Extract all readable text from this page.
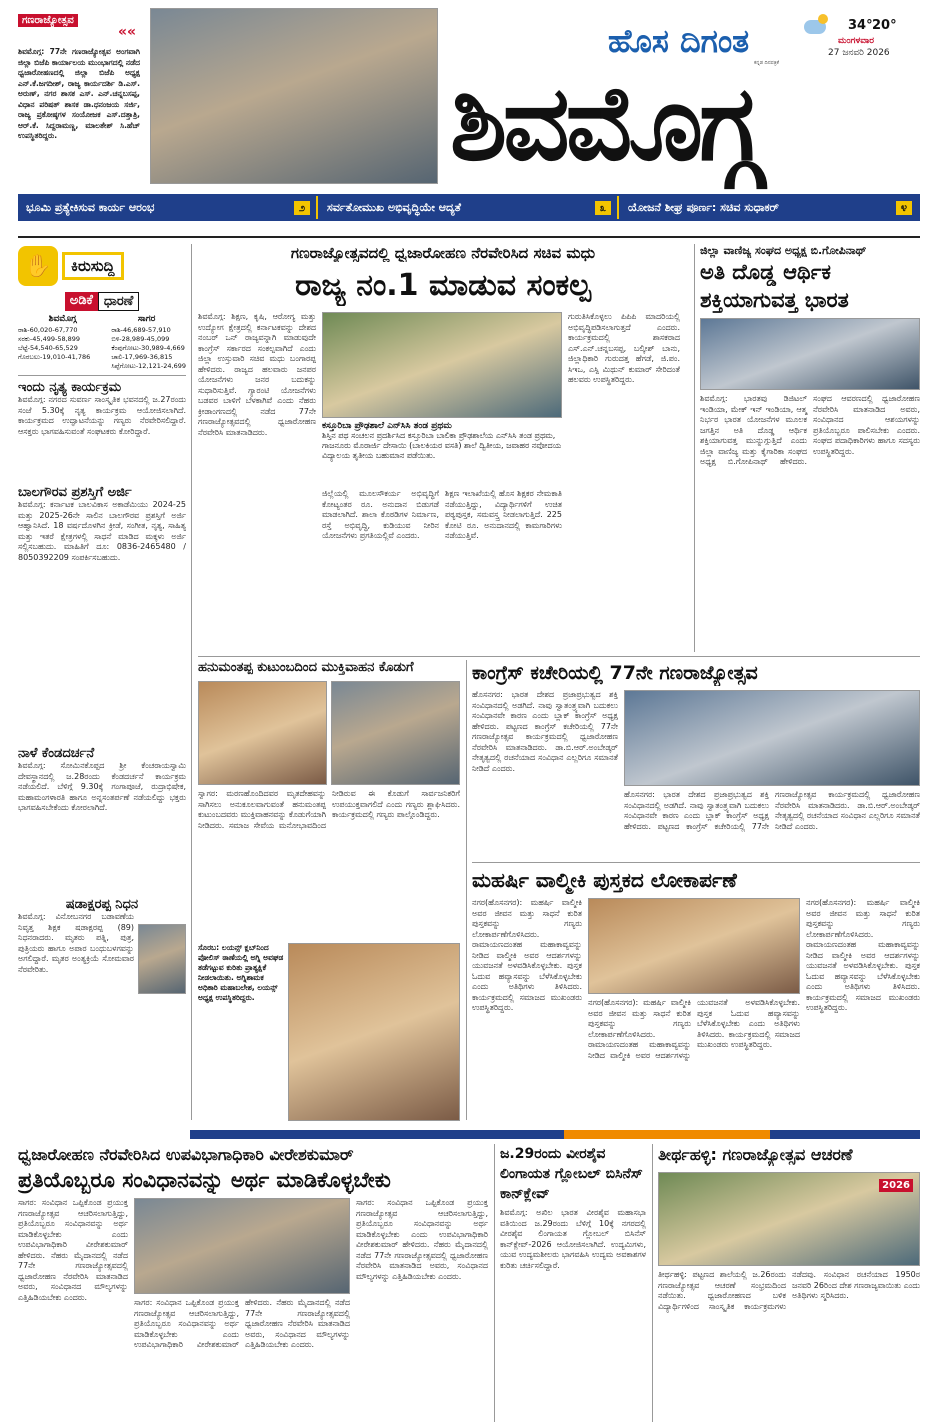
ಗಣರಾಜ್ಯೋತ್ಸವ
««
ಶಿವಮೊಗ್ಗ: 77ನೇ ಗಣರಾಜ್ಯೋತ್ಸವ ಅಂಗವಾಗಿ ಜಿಲ್ಲಾ ಬಿಜೆಪಿ ಕಾರ್ಯಾಲಯ ಮುಂಭಾಗದಲ್ಲಿ ನಡೆದ ಧ್ವಜಾರೋಹಣದಲ್ಲಿ ಜಿಲ್ಲಾ ಬಿಜೆಪಿ ಅಧ್ಯಕ್ಷ ಎನ್.ಕೆ.ಜಗದೀಶ್, ರಾಜ್ಯ ಕಾರ್ಯದರ್ಶಿ ಡಿ.ಎಸ್. ಅರುಣ್, ನಗರ ಶಾಸಕ ಎಸ್. ಎನ್.ಚನ್ನಬಸಪ್ಪ, ವಿಧಾನ ಪರಿಷತ್ ಶಾಸಕ ಡಾ.ಧನಂಜಯ ಸರ್ಜಿ, ರಾಜ್ಯ ಪ್ರಕೋಷ್ಠಗಳ ಸಂಯೋಜಕ ಎಸ್.ದತ್ತಾತ್ರಿ, ಆರ್.ಕೆ. ಸಿದ್ದರಾಮಣ್ಣ, ಮಾಲತೇಶ್ ಸಿ.ಹೆಚ್ ಉಪಸ್ಥಿತರಿದ್ದರು.
ಹೊಸ ದಿಗಂತ
ಕನ್ನಡ ದಿನಪತ್ರಿಕೆ
34° 20°
ಮಂಗಳವಾರ
27 ಜನವರಿ 2026
ಶಿವಮೊಗ್ಗ
ಭೂಮಿ ಪ್ರತ್ಯೇಕಿಸುವ ಕಾರ್ಯ ಆರಂಭ	೨	ಸರ್ವತೋಮುಖ ಅಭಿವೃದ್ಧಿಯೇ ಆದ್ಯತೆ	೩	ಯೋಜನೆ ಶೀಘ್ರ ಪೂರ್ಣ: ಸಚಿವ ಸುಧಾಕರ್	೪
✋	ಕಿರುಸುದ್ದಿ
ಅಡಿಕೆ ಧಾರಣೆ
ಶಿವಮೊಗ್ಗ	ಸಾಗರ
ರಾಶಿ-60,020-67,770
ಸರಕು-45,499-58,899
ಬೆಟ್ಟೆ-54,540-65,529
ಗೊರಬಲು-19,010-41,786
ರಾಶಿ-46,689-57,910
ಬಿಳಿ-28,989-45,099
ಕೆಂಪುಗೋಟು-30,989-4,669
ಚಾಲಿ-17,969-36,815
ಸಿಪ್ಪೆಗೋಟು-12,121-24,699
ಇಂದು ನೃತ್ಯ ಕಾರ್ಯಕ್ರಮ
ಶಿವಮೊಗ್ಗ: ನಗರದ ಸುವರ್ಣ ಸಾಂಸ್ಕೃತಿಕ ಭವನದಲ್ಲಿ ಜ.27ರಂದು ಸಂಜೆ 5.30ಕ್ಕೆ ನೃತ್ಯ ಕಾರ್ಯಕ್ರಮ ಆಯೋಜಿಸಲಾಗಿದೆ. ಕಾರ್ಯಕ್ರಮದ ಉದ್ಘಾಟನೆಯನ್ನು ಗಣ್ಯರು ನೆರವೇರಿಸಲಿದ್ದಾರೆ. ಆಸಕ್ತರು ಭಾಗವಹಿಸುವಂತೆ ಸಂಘಟಕರು ಕೋರಿದ್ದಾರೆ.
ಬಾಲಗೌರವ ಪ್ರಶಸ್ತಿಗೆ ಅರ್ಜಿ
ಶಿವಮೊಗ್ಗ: ಕರ್ನಾಟಕ ಬಾಲವಿಕಾಸ ಅಕಾಡೆಮಿಯು 2024-25 ಮತ್ತು 2025-26ನೇ ಸಾಲಿನ ಬಾಲಗೌರವ ಪ್ರಶಸ್ತಿಗೆ ಅರ್ಜಿ ಆಹ್ವಾನಿಸಿದೆ. 18 ವರ್ಷದೊಳಗಿನ ಕ್ರೀಡೆ, ಸಂಗೀತ, ನೃತ್ಯ, ಸಾಹಿತ್ಯ ಮತ್ತು ಇತರೆ ಕ್ಷೇತ್ರಗಳಲ್ಲಿ ಸಾಧನೆ ಮಾಡಿದ ಮಕ್ಕಳು ಅರ್ಜಿ ಸಲ್ಲಿಸಬಹುದು. ಮಾಹಿತಿಗೆ ದೂ: 0836-2465480 / 8050392209 ಸಂಪರ್ಕಿಸಬಹುದು.
ನಾಳೆ ಕೆಂಡದರ್ಚನೆ
ಶಿವಮೊಗ್ಗ: ಸೋಮಿನಕೊಪ್ಪದ ಶ್ರೀ ಕೆಂಚರಾಯಸ್ವಾಮಿ ದೇವಸ್ಥಾನದಲ್ಲಿ ಜ.28ರಂದು ಕೆಂಡದರ್ಚನೆ ಕಾರ್ಯಕ್ರಮ ನಡೆಯಲಿದೆ. ಬೆಳಿಗ್ಗೆ 9.30ಕ್ಕೆ ಗಂಗಾಪೂಜೆ, ರುದ್ರಾಭಿಷೇಕ, ಮಹಾಮಂಗಳಾರತಿ ಹಾಗೂ ಅನ್ನಸಂತರ್ಪಣೆ ನಡೆಯಲಿದ್ದು ಭಕ್ತರು ಭಾಗವಹಿಸಬೇಕೆಂದು ಕೋರಲಾಗಿದೆ.
ಷಡಾಕ್ಷರಪ್ಪ ನಿಧನ
ಶಿವಮೊಗ್ಗ: ವಿನೋಬನಗರ ಬಡಾವಣೆಯ ನಿವೃತ್ತ ಶಿಕ್ಷಕ ಷಡಾಕ್ಷರಪ್ಪ (89) ನಿಧನರಾದರು. ಮೃತರು ಪತ್ನಿ, ಪುತ್ರ, ಪುತ್ರಿಯರು ಹಾಗೂ ಅಪಾರ ಬಂಧುಬಳಗವನ್ನು ಅಗಲಿದ್ದಾರೆ. ಮೃತರ ಅಂತ್ಯಕ್ರಿಯೆ ಸೋಮವಾರ ನೆರವೇರಿತು.
ಗಣರಾಜ್ಯೋತ್ಸವದಲ್ಲಿ ಧ್ವಜಾರೋಹಣ ನೆರವೇರಿಸಿದ ಸಚಿವ ಮಧು
ರಾಜ್ಯ ನಂ.1 ಮಾಡುವ ಸಂಕಲ್ಪ
ಶಿವಮೊಗ್ಗ: ಶಿಕ್ಷಣ, ಕೃಷಿ, ಆರೋಗ್ಯ ಮತ್ತು ಉದ್ಯೋಗ ಕ್ಷೇತ್ರದಲ್ಲಿ ಕರ್ನಾಟಕವನ್ನು ದೇಶದ ನಂಬರ್ ಒನ್ ರಾಜ್ಯವನ್ನಾಗಿ ಮಾಡುವುದೇ ಕಾಂಗ್ರೆಸ್ ಸರ್ಕಾರದ ಸಂಕಲ್ಪವಾಗಿದೆ ಎಂದು ಜಿಲ್ಲಾ ಉಸ್ತುವಾರಿ ಸಚಿವ ಮಧು ಬಂಗಾರಪ್ಪ ಹೇಳಿದರು. ರಾಜ್ಯದ ಹಲವಾರು ಜನಪರ ಯೋಜನೆಗಳು ಜನರ ಬದುಕನ್ನು ಸುಧಾರಿಸುತ್ತಿವೆ. ಗ್ಯಾರಂಟಿ ಯೋಜನೆಗಳು ಬಡವರ ಬಾಳಿಗೆ ಬೆಳಕಾಗಿವೆ ಎಂದು ನೆಹರು ಕ್ರೀಡಾಂಗಣದಲ್ಲಿ ನಡೆದ 77ನೇ ಗಣರಾಜ್ಯೋತ್ಸವದಲ್ಲಿ ಧ್ವಜಾರೋಹಣ ನೆರವೇರಿಸಿ ಮಾತನಾಡಿದರು.
ಕಸ್ತೂರಿಬಾ ಪ್ರೌಢಶಾಲೆ ಎನ್‌ಸಿಸಿ ತಂಡ ಪ್ರಥಮ
ಶಿಸ್ತಿನ ಪಥ ಸಂಚಲನ ಪ್ರದರ್ಶಿಸಿದ ಕಸ್ತೂರಿಬಾ ಬಾಲಿಕಾ ಪ್ರೌಢಶಾಲೆಯ ಎನ್‌ಸಿಸಿ ತಂಡ ಪ್ರಥಮ, ಗಾಜನೂರು ಮೊರಾರ್ಜಿ ದೇಸಾಯಿ (ಬಾಲಕಿಯರ ವಸತಿ) ಶಾಲೆ ದ್ವಿತೀಯ, ಜವಾಹರ ನವೋದಯ ವಿದ್ಯಾಲಯ ತೃತೀಯ ಬಹುಮಾನ ಪಡೆಯಿತು.
ಜಿಲ್ಲೆಯಲ್ಲಿ ಮೂಲಸೌಕರ್ಯ ಅಭಿವೃದ್ಧಿಗೆ ಕೋಟ್ಯಂತರ ರೂ. ಅನುದಾನ ಬಿಡುಗಡೆ ಮಾಡಲಾಗಿದೆ. ಶಾಲಾ ಕೊಠಡಿಗಳ ನಿರ್ಮಾಣ, ರಸ್ತೆ ಅಭಿವೃದ್ಧಿ, ಕುಡಿಯುವ ನೀರಿನ ಯೋಜನೆಗಳು ಪ್ರಗತಿಯಲ್ಲಿವೆ ಎಂದರು.
ಶಿಕ್ಷಣ ಇಲಾಖೆಯಲ್ಲಿ ಹೊಸ ಶಿಕ್ಷಕರ ನೇಮಕಾತಿ ನಡೆಯುತ್ತಿದ್ದು, ವಿದ್ಯಾರ್ಥಿಗಳಿಗೆ ಉಚಿತ ಪಠ್ಯಪುಸ್ತಕ, ಸಮವಸ್ತ್ರ ನೀಡಲಾಗುತ್ತಿದೆ. 225 ಕೋಟಿ ರೂ. ಅನುದಾನದಲ್ಲಿ ಕಾಮಗಾರಿಗಳು ನಡೆಯುತ್ತಿವೆ.
ಗುರುತಿಸಿಕೊಳ್ಳಲು ಪಿಪಿಪಿ ಮಾದರಿಯಲ್ಲಿ ಅಭಿವೃದ್ಧಿಪಡಿಸಲಾಗುತ್ತದೆ ಎಂದರು. ಕಾರ್ಯಕ್ರಮದಲ್ಲಿ ಶಾಸಕರಾದ ಎಸ್.ಎನ್.ಚನ್ನಬಸಪ್ಪ, ಬಲ್ಕೀಶ್ ಬಾನು, ಜಿಲ್ಲಾಧಿಕಾರಿ ಗುರುದತ್ತ ಹೆಗಡೆ, ಜಿ.ಪಂ. ಸಿಇಒ, ಎಸ್ಪಿ ಮಿಥುನ್ ಕುಮಾರ್ ಸೇರಿದಂತೆ ಹಲವರು ಉಪಸ್ಥಿತರಿದ್ದರು.
ಜಿಲ್ಲಾ ವಾಣಿಜ್ಯ ಸಂಘದ ಅಧ್ಯಕ್ಷ ಬಿ.ಗೋಪಿನಾಥ್
ಅತಿ ದೊಡ್ಡ ಆರ್ಥಿಕ
ಶಕ್ತಿಯಾಗುವತ್ತ ಭಾರತ
ಶಿವಮೊಗ್ಗ: ಭಾರತವು ಡಿಜಿಟಲ್ ಇಂಡಿಯಾ, ಮೇಕ್ ಇನ್ ಇಂಡಿಯಾ, ಆತ್ಮ ನಿರ್ಭರ ಭಾರತ ಯೋಜನೆಗಳ ಮೂಲಕ ಜಗತ್ತಿನ ಅತಿ ದೊಡ್ಡ ಆರ್ಥಿಕ ಶಕ್ತಿಯಾಗುವತ್ತ ಮುನ್ನುಗ್ಗುತ್ತಿದೆ ಎಂದು ಜಿಲ್ಲಾ ವಾಣಿಜ್ಯ ಮತ್ತು ಕೈಗಾರಿಕಾ ಸಂಘದ ಅಧ್ಯಕ್ಷ ಬಿ.ಗೋಪಿನಾಥ್ ಹೇಳಿದರು. ಸಂಘದ ಆವರಣದಲ್ಲಿ ಧ್ವಜಾರೋಹಣ ನೆರವೇರಿಸಿ ಮಾತನಾಡಿದ ಅವರು, ಸಂವಿಧಾನದ ಆಶಯಗಳನ್ನು ಪ್ರತಿಯೊಬ್ಬರೂ ಪಾಲಿಸಬೇಕು ಎಂದರು. ಸಂಘದ ಪದಾಧಿಕಾರಿಗಳು ಹಾಗೂ ಸದಸ್ಯರು ಉಪಸ್ಥಿತರಿದ್ದರು.
ಹನುಮಂತಪ್ಪ ಕುಟುಂಬದಿಂದ ಮುಕ್ತಿವಾಹನ ಕೊಡುಗೆ
ಸ್ವಾಗರ: ಮರಣಹೊಂದಿದವರ ಮೃತದೇಹವನ್ನು ಸಾಗಿಸಲು ಅನುಕೂಲವಾಗುವಂತೆ ಹನುಮಂತಪ್ಪ ಕುಟುಂಬದವರು ಮುಕ್ತಿವಾಹನವನ್ನು ಕೊಡುಗೆಯಾಗಿ ನೀಡಿದರು. ಸಮಾಜ ಸೇವೆಯ ಮನೋಭಾವದಿಂದ ನೀಡಿರುವ ಈ ಕೊಡುಗೆ ಸಾರ್ವಜನಿಕರಿಗೆ ಉಪಯುಕ್ತವಾಗಲಿದೆ ಎಂದು ಗಣ್ಯರು ಶ್ಲಾಘಿಸಿದರು. ಕಾರ್ಯಕ್ರಮದಲ್ಲಿ ಗಣ್ಯರು ಪಾಲ್ಗೊಂಡಿದ್ದರು.
ಸೊರಬ: ಲಯನ್ಸ್ ಕ್ಲಬ್‌ನಿಂದ ಪೋಲಿಸ್ ಠಾಣೆಯಲ್ಲಿ ಅಗ್ನಿ ಅವಘಡ ತಡೆಗಟ್ಟುವ ಕುರಿತು ಪ್ರಾತ್ಯಕ್ಷಿಕೆ ನೀಡಲಾಯಿತು. ಅಗ್ನಿಶಾಮಕ ಅಧಿಕಾರಿ ಮಹಾಬಲೇಶ, ಲಯನ್ಸ್ ಅಧ್ಯಕ್ಷ ಉಪಸ್ಥಿತರಿದ್ದರು.
ಕಾಂಗ್ರೆಸ್ ಕಚೇರಿಯಲ್ಲಿ 77ನೇ ಗಣರಾಜ್ಯೋತ್ಸವ
ಹೊಸನಗರ: ಭಾರತ ದೇಶದ ಪ್ರಜಾಪ್ರಭುತ್ವದ ಶಕ್ತಿ ಸಂವಿಧಾನದಲ್ಲಿ ಅಡಗಿದೆ. ನಾವು ಸ್ವಾತಂತ್ರ್ಯವಾಗಿ ಬದುಕಲು ಸಂವಿಧಾನವೇ ಕಾರಣ ಎಂದು ಬ್ಲಾಕ್ ಕಾಂಗ್ರೆಸ್ ಅಧ್ಯಕ್ಷ ಹೇಳಿದರು. ಪಟ್ಟಣದ ಕಾಂಗ್ರೆಸ್ ಕಚೇರಿಯಲ್ಲಿ 77ನೇ ಗಣರಾಜ್ಯೋತ್ಸವ ಕಾರ್ಯಕ್ರಮದಲ್ಲಿ ಧ್ವಜಾರೋಹಣ ನೆರವೇರಿಸಿ ಮಾತನಾಡಿದರು. ಡಾ.ಬಿ.ಆರ್.ಅಂಬೇಡ್ಕರ್ ನೇತೃತ್ವದಲ್ಲಿ ರಚನೆಯಾದ ಸಂವಿಧಾನ ಎಲ್ಲರಿಗೂ ಸಮಾನತೆ ನೀಡಿದೆ ಎಂದರು.
ಹೊಸನಗರ: ಭಾರತ ದೇಶದ ಪ್ರಜಾಪ್ರಭುತ್ವದ ಶಕ್ತಿ ಸಂವಿಧಾನದಲ್ಲಿ ಅಡಗಿದೆ. ನಾವು ಸ್ವಾತಂತ್ರ್ಯವಾಗಿ ಬದುಕಲು ಸಂವಿಧಾನವೇ ಕಾರಣ ಎಂದು ಬ್ಲಾಕ್ ಕಾಂಗ್ರೆಸ್ ಅಧ್ಯಕ್ಷ ಹೇಳಿದರು. ಪಟ್ಟಣದ ಕಾಂಗ್ರೆಸ್ ಕಚೇರಿಯಲ್ಲಿ 77ನೇ ಗಣರಾಜ್ಯೋತ್ಸವ ಕಾರ್ಯಕ್ರಮದಲ್ಲಿ ಧ್ವಜಾರೋಹಣ ನೆರವೇರಿಸಿ ಮಾತನಾಡಿದರು. ಡಾ.ಬಿ.ಆರ್.ಅಂಬೇಡ್ಕರ್ ನೇತೃತ್ವದಲ್ಲಿ ರಚನೆಯಾದ ಸಂವಿಧಾನ ಎಲ್ಲರಿಗೂ ಸಮಾನತೆ ನೀಡಿದೆ ಎಂದರು.
ಮಹರ್ಷಿ ವಾಲ್ಮೀಕಿ ಪುಸ್ತಕದ ಲೋಕಾರ್ಪಣೆ
ನಗರ(ಹೊಸನಗರ): ಮಹರ್ಷಿ ವಾಲ್ಮೀಕಿ ಅವರ ಜೀವನ ಮತ್ತು ಸಾಧನೆ ಕುರಿತ ಪುಸ್ತಕವನ್ನು ಗಣ್ಯರು ಲೋಕಾರ್ಪಣೆಗೊಳಿಸಿದರು. ರಾಮಾಯಣದಂತಹ ಮಹಾಕಾವ್ಯವನ್ನು ನೀಡಿದ ವಾಲ್ಮೀಕಿ ಅವರ ಆದರ್ಶಗಳನ್ನು ಯುವಜನತೆ ಅಳವಡಿಸಿಕೊಳ್ಳಬೇಕು. ಪುಸ್ತಕ ಓದುವ ಹವ್ಯಾಸವನ್ನು ಬೆಳೆಸಿಕೊಳ್ಳಬೇಕು ಎಂದು ಅತಿಥಿಗಳು ತಿಳಿಸಿದರು. ಕಾರ್ಯಕ್ರಮದಲ್ಲಿ ಸಮಾಜದ ಮುಖಂಡರು ಉಪಸ್ಥಿತರಿದ್ದರು.
ನಗರ(ಹೊಸನಗರ): ಮಹರ್ಷಿ ವಾಲ್ಮೀಕಿ ಅವರ ಜೀವನ ಮತ್ತು ಸಾಧನೆ ಕುರಿತ ಪುಸ್ತಕವನ್ನು ಗಣ್ಯರು ಲೋಕಾರ್ಪಣೆಗೊಳಿಸಿದರು. ರಾಮಾಯಣದಂತಹ ಮಹಾಕಾವ್ಯವನ್ನು ನೀಡಿದ ವಾಲ್ಮೀಕಿ ಅವರ ಆದರ್ಶಗಳನ್ನು ಯುವಜನತೆ ಅಳವಡಿಸಿಕೊಳ್ಳಬೇಕು. ಪುಸ್ತಕ ಓದುವ ಹವ್ಯಾಸವನ್ನು ಬೆಳೆಸಿಕೊಳ್ಳಬೇಕು ಎಂದು ಅತಿಥಿಗಳು ತಿಳಿಸಿದರು. ಕಾರ್ಯಕ್ರಮದಲ್ಲಿ ಸಮಾಜದ ಮುಖಂಡರು ಉಪಸ್ಥಿತರಿದ್ದರು.
ನಗರ(ಹೊಸನಗರ): ಮಹರ್ಷಿ ವಾಲ್ಮೀಕಿ ಅವರ ಜೀವನ ಮತ್ತು ಸಾಧನೆ ಕುರಿತ ಪುಸ್ತಕವನ್ನು ಗಣ್ಯರು ಲೋಕಾರ್ಪಣೆಗೊಳಿಸಿದರು. ರಾಮಾಯಣದಂತಹ ಮಹಾಕಾವ್ಯವನ್ನು ನೀಡಿದ ವಾಲ್ಮೀಕಿ ಅವರ ಆದರ್ಶಗಳನ್ನು ಯುವಜನತೆ ಅಳವಡಿಸಿಕೊಳ್ಳಬೇಕು. ಪುಸ್ತಕ ಓದುವ ಹವ್ಯಾಸವನ್ನು ಬೆಳೆಸಿಕೊಳ್ಳಬೇಕು ಎಂದು ಅತಿಥಿಗಳು ತಿಳಿಸಿದರು. ಕಾರ್ಯಕ್ರಮದಲ್ಲಿ ಸಮಾಜದ ಮುಖಂಡರು ಉಪಸ್ಥಿತರಿದ್ದರು.
ಧ್ವಜಾರೋಹಣ ನೆರವೇರಿಸಿದ ಉಪವಿಭಾಗಾಧಿಕಾರಿ ವೀರೇಶಕುಮಾರ್
ಪ್ರತಿಯೊಬ್ಬರೂ ಸಂವಿಧಾನವನ್ನು ಅರ್ಥ ಮಾಡಿಕೊಳ್ಳಬೇಕು
ಸಾಗರ: ಸಂವಿಧಾನ ಒಪ್ಪಿಕೊಂಡ ಪ್ರಯುಕ್ತ ಗಣರಾಜ್ಯೋತ್ಸವ ಆಚರಿಸಲಾಗುತ್ತಿದ್ದು, ಪ್ರತಿಯೊಬ್ಬರೂ ಸಂವಿಧಾನವನ್ನು ಅರ್ಥ ಮಾಡಿಕೊಳ್ಳಬೇಕು ಎಂದು ಉಪವಿಭಾಗಾಧಿಕಾರಿ ವೀರೇಶಕುಮಾರ್ ಹೇಳಿದರು. ನೆಹರು ಮೈದಾನದಲ್ಲಿ ನಡೆದ 77ನೇ ಗಣರಾಜ್ಯೋತ್ಸವದಲ್ಲಿ ಧ್ವಜಾರೋಹಣ ನೆರವೇರಿಸಿ ಮಾತನಾಡಿದ ಅವರು, ಸಂವಿಧಾನದ ಮೌಲ್ಯಗಳನ್ನು ಎತ್ತಿಹಿಡಿಯಬೇಕು ಎಂದರು.
ಸಾಗರ: ಸಂವಿಧಾನ ಒಪ್ಪಿಕೊಂಡ ಪ್ರಯುಕ್ತ ಗಣರಾಜ್ಯೋತ್ಸವ ಆಚರಿಸಲಾಗುತ್ತಿದ್ದು, ಪ್ರತಿಯೊಬ್ಬರೂ ಸಂವಿಧಾನವನ್ನು ಅರ್ಥ ಮಾಡಿಕೊಳ್ಳಬೇಕು ಎಂದು ಉಪವಿಭಾಗಾಧಿಕಾರಿ ವೀರೇಶಕುಮಾರ್ ಹೇಳಿದರು. ನೆಹರು ಮೈದಾನದಲ್ಲಿ ನಡೆದ 77ನೇ ಗಣರಾಜ್ಯೋತ್ಸವದಲ್ಲಿ ಧ್ವಜಾರೋಹಣ ನೆರವೇರಿಸಿ ಮಾತನಾಡಿದ ಅವರು, ಸಂವಿಧಾನದ ಮೌಲ್ಯಗಳನ್ನು ಎತ್ತಿಹಿಡಿಯಬೇಕು ಎಂದರು.
ಸಾಗರ: ಸಂವಿಧಾನ ಒಪ್ಪಿಕೊಂಡ ಪ್ರಯುಕ್ತ ಗಣರಾಜ್ಯೋತ್ಸವ ಆಚರಿಸಲಾಗುತ್ತಿದ್ದು, ಪ್ರತಿಯೊಬ್ಬರೂ ಸಂವಿಧಾನವನ್ನು ಅರ್ಥ ಮಾಡಿಕೊಳ್ಳಬೇಕು ಎಂದು ಉಪವಿಭಾಗಾಧಿಕಾರಿ ವೀರೇಶಕುಮಾರ್ ಹೇಳಿದರು. ನೆಹರು ಮೈದಾನದಲ್ಲಿ ನಡೆದ 77ನೇ ಗಣರಾಜ್ಯೋತ್ಸವದಲ್ಲಿ ಧ್ವಜಾರೋಹಣ ನೆರವೇರಿಸಿ ಮಾತನಾಡಿದ ಅವರು, ಸಂವಿಧಾನದ ಮೌಲ್ಯಗಳನ್ನು ಎತ್ತಿಹಿಡಿಯಬೇಕು ಎಂದರು.
ಜ.29ರಂದು ವೀರಶೈವ
ಲಿಂಗಾಯತ ಗ್ಲೋಬಲ್ ಬಿಸಿನೆಸ್ ಕಾನ್‌ಕ್ಲೇವ್
ಶಿವಮೊಗ್ಗ: ಅಖಿಲ ಭಾರತ ವೀರಶೈವ ಮಹಾಸಭಾ ವತಿಯಿಂದ ಜ.29ರಂದು ಬೆಳಿಗ್ಗೆ 10ಕ್ಕೆ ನಗರದಲ್ಲಿ ವೀರಶೈವ ಲಿಂಗಾಯತ ಗ್ಲೋಬಲ್ ಬಿಸಿನೆಸ್ ಕಾನ್‌ಕ್ಲೇವ್-2026 ಆಯೋಜಿಸಲಾಗಿದೆ. ಉದ್ಯಮಿಗಳು, ಯುವ ಉದ್ಯಮಶೀಲರು ಭಾಗವಹಿಸಿ ಉದ್ಯಮ ಅವಕಾಶಗಳ ಕುರಿತು ಚರ್ಚಿಸಲಿದ್ದಾರೆ.
ತೀರ್ಥಹಳ್ಳಿ: ಗಣರಾಜ್ಯೋತ್ಸವ ಆಚರಣೆ
2026
ತೀರ್ಥಹಳ್ಳಿ: ಪಟ್ಟಣದ ಶಾಲೆಯಲ್ಲಿ ಜ.26ರಂದು ಗಣರಾಜ್ಯೋತ್ಸವ ಆಚರಣೆ ಸಂಭ್ರಮದಿಂದ ನಡೆಯಿತು. ಧ್ವಜಾರೋಹಣದ ಬಳಿಕ ವಿದ್ಯಾರ್ಥಿಗಳಿಂದ ಸಾಂಸ್ಕೃತಿಕ ಕಾರ್ಯಕ್ರಮಗಳು ನಡೆದವು. ಸಂವಿಧಾನ ರಚನೆಯಾದ 1950ರ ಜನವರಿ 26ರಿಂದ ದೇಶ ಗಣರಾಜ್ಯವಾಯಿತು ಎಂದು ಅತಿಥಿಗಳು ಸ್ಮರಿಸಿದರು.
